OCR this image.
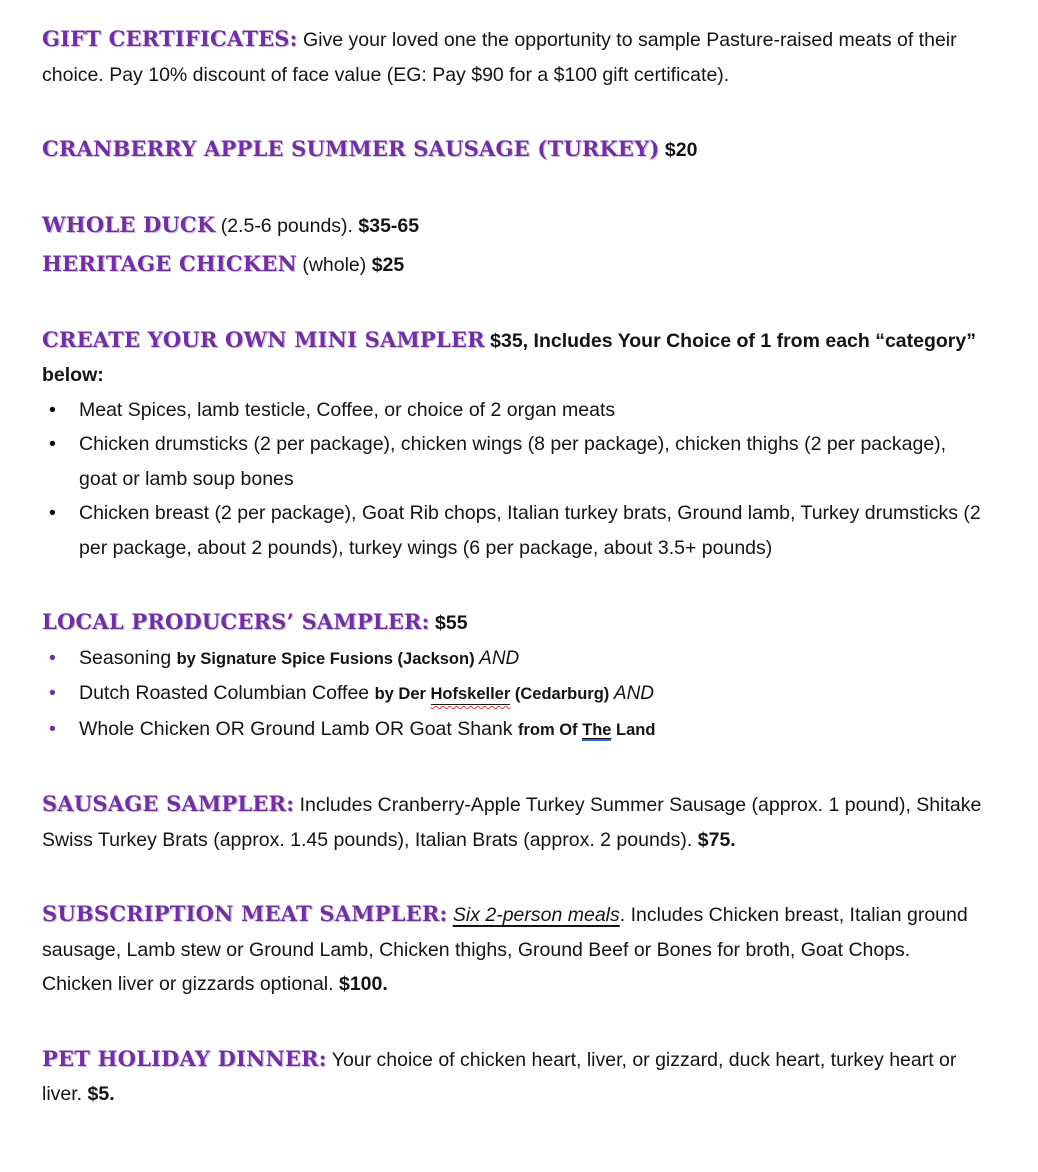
GIFT CERTIFICATES: Give your loved one the opportunity to sample Pasture-raised meats of their choice. Pay 10% discount of face value (EG: Pay $90 for a $100 gift certificate).

CRANBERRY APPLE SUMMER SAUSAGE (TURKEY) $20

WHOLE DUCK (2.5-6 pounds). $35-65

HERITAGE CHICKEN (whole) $25

CREATE YOUR OWN MINI SAMPLER $35, Includes Your Choice of 1 from each “category” below:

• Meat Spices, lamb testicle, Coffee, or choice of 2 organ meats
• Chicken drumsticks (2 per package), chicken wings (8 per package), chicken thighs (2 per package), goat or lamb soup bones
• Chicken breast (2 per package), Goat Rib chops, Italian turkey brats, Ground lamb, Turkey drumsticks (2 per package, about 2 pounds), turkey wings (6 per package, about 3.5+ pounds)

LOCAL PRODUCERS’ SAMPLER: $55

• Seasoning by Signature Spice Fusions (Jackson) AND
• Dutch Roasted Columbian Coffee by Der Hofskeller (Cedarburg) AND
• Whole Chicken OR Ground Lamb OR Goat Shank from Of The Land

SAUSAGE SAMPLER: Includes Cranberry-Apple Turkey Summer Sausage (approx. 1 pound), Shitake Swiss Turkey Brats (approx. 1.45 pounds), Italian Brats (approx. 2 pounds). $75.

SUBSCRIPTION MEAT SAMPLER: Six 2-person meals. Includes Chicken breast, Italian ground sausage, Lamb stew or Ground Lamb, Chicken thighs, Ground Beef or Bones for broth, Goat Chops. Chicken liver or gizzards optional. $100.

PET HOLIDAY DINNER: Your choice of chicken heart, liver, or gizzard, duck heart, turkey heart or liver. $5.
